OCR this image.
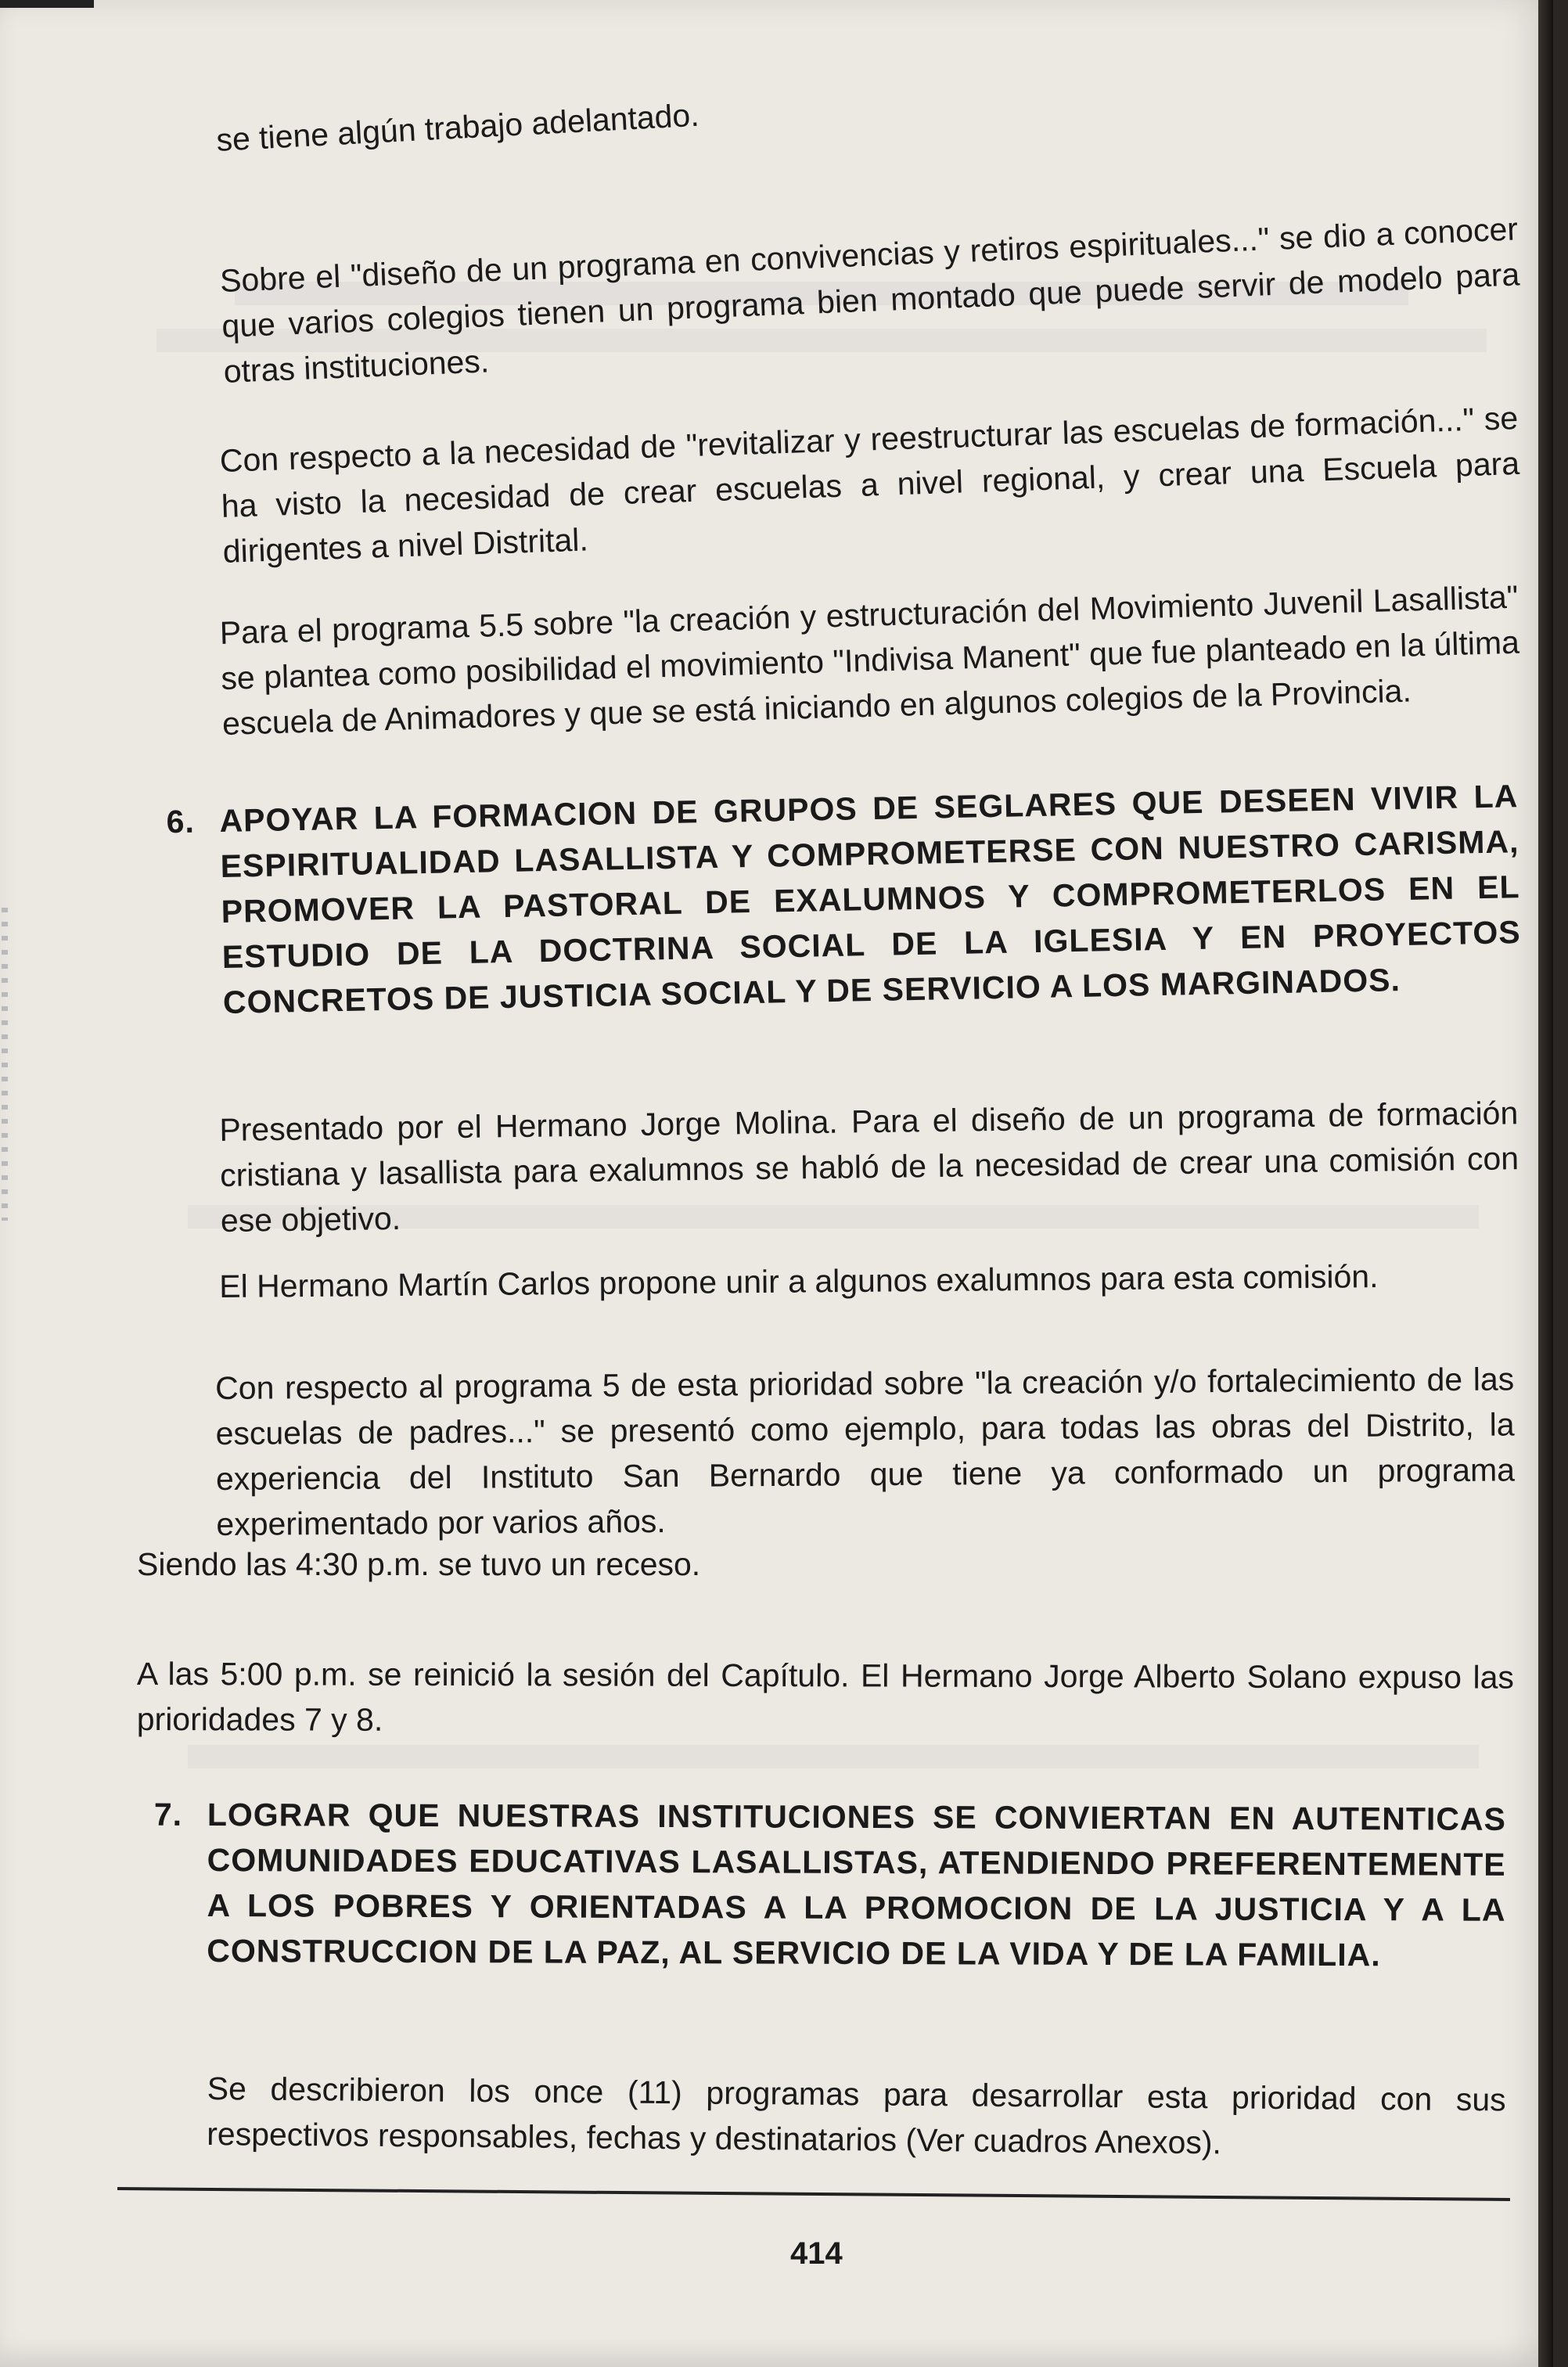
se tiene algún trabajo adelantado.

Sobre el "diseño de un programa en convivencias y retiros espirituales..." se dio a conocer que varios colegios tienen un programa bien montado que puede servir de modelo para otras instituciones.

Con respecto a la necesidad de "revitalizar y reestructurar las escuelas de formación..." se ha visto la necesidad de crear escuelas a nivel regional, y crear una Escuela para dirigentes a nivel Distrital.

Para el programa 5.5 sobre "la creación y estructuración del Movimiento Juvenil Lasallista" se plantea como posibilidad el movimiento "Indivisa Manent" que fue planteado en la última escuela de Animadores y que se está iniciando en algunos colegios de la Provincia.

6. APOYAR LA FORMACION DE GRUPOS DE SEGLARES QUE DESEEN VIVIR LA ESPIRITUALIDAD LASALLISTA Y COMPROMETERSE CON NUESTRO CARISMA, PROMOVER LA PASTORAL DE EXALUMNOS Y COMPROMETERLOS EN EL ESTUDIO DE LA DOCTRINA SOCIAL DE LA IGLESIA Y EN PROYECTOS CONCRETOS DE JUSTICIA SOCIAL Y DE SERVICIO A LOS MARGINADOS.

Presentado por el Hermano Jorge Molina. Para el diseño de un programa de formación cristiana y lasallista para exalumnos se habló de la necesidad de crear una comisión con ese objetivo.

El Hermano Martín Carlos propone unir a algunos exalumnos para esta comisión.

Con respecto al programa 5 de esta prioridad sobre "la creación y/o fortalecimiento de las escuelas de padres..." se presentó como ejemplo, para todas las obras del Distrito, la experiencia del Instituto San Bernardo que tiene ya conformado un programa experimentado por varios años.

Siendo las 4:30 p.m. se tuvo un receso.

A las 5:00 p.m. se reinició la sesión del Capítulo. El Hermano Jorge Alberto Solano expuso las prioridades 7 y 8.

7. LOGRAR QUE NUESTRAS INSTITUCIONES SE CONVIERTAN EN AUTENTICAS COMUNIDADES EDUCATIVAS LASALLISTAS, ATENDIENDO PREFERENTEMENTE A LOS POBRES Y ORIENTADAS A LA PROMOCION DE LA JUSTICIA Y A LA CONSTRUCCION DE LA PAZ, AL SERVICIO DE LA VIDA Y DE LA FAMILIA.

Se describieron los once (11) programas para desarrollar esta prioridad con sus respectivos responsables, fechas y destinatarios (Ver cuadros Anexos).

414
